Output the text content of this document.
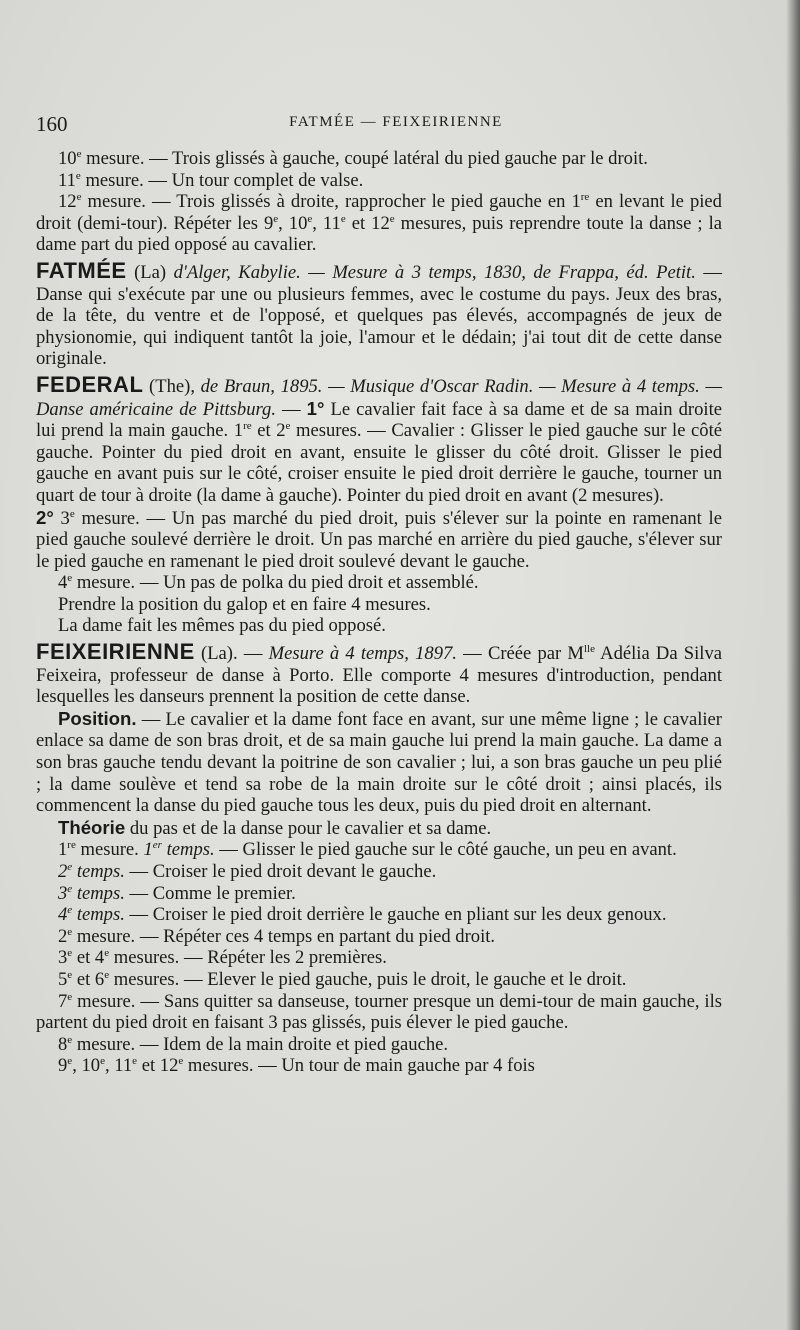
160	FATMÉE — FEIXEIRIENNE

10e mesure. — Trois glissés à gauche, coupé latéral du pied gauche par le droit.

11e mesure. — Un tour complet de valse.

12e mesure. — Trois glissés à droite, rapprocher le pied gauche en 1re en levant le pied droit (demi-tour). Répéter les 9e, 10e, 11e et 12e mesures, puis reprendre toute la danse ; la dame part du pied opposé au cavalier.

FATMÉE (La) d'Alger, Kabylie. — Mesure à 3 temps, 1830, de Frappa, éd. Petit. — Danse qui s'exécute par une ou plusieurs femmes, avec le costume du pays. Jeux des bras, de la tête, du ventre et de l'opposé, et quelques pas élevés, accompagnés de jeux de physionomie, qui indiquent tantôt la joie, l'amour et le dédain; j'ai tout dit de cette danse originale.

FEDERAL (The), de Braun, 1895. — Musique d'Oscar Radin. — Mesure à 4 temps. — Danse américaine de Pittsburg. — 1° Le cavalier fait face à sa dame et de sa main droite lui prend la main gauche. 1re et 2e mesures. — Cavalier : Glisser le pied gauche sur le côté gauche. Pointer du pied droit en avant, ensuite le glisser du côté droit. Glisser le pied gauche en avant puis sur le côté, croiser ensuite le pied droit derrière le gauche, tourner un quart de tour à droite (la dame à gauche). Pointer du pied droit en avant (2 mesures).

2° 3e mesure. — Un pas marché du pied droit, puis s'élever sur la pointe en ramenant le pied gauche soulevé derrière le droit. Un pas marché en arrière du pied gauche, s'élever sur le pied gauche en ramenant le pied droit soulevé devant le gauche.

4e mesure. — Un pas de polka du pied droit et assemblé.

Prendre la position du galop et en faire 4 mesures.

La dame fait les mêmes pas du pied opposé.

FEIXEIRIENNE (La). — Mesure à 4 temps, 1897. — Créée par $M^{lle}$ Adélia Da Silva Feixeira, professeur de danse à Porto. Elle comporte 4 mesures d'introduction, pendant lesquelles les danseurs prennent la position de cette danse.

Position. — Le cavalier et la dame font face en avant, sur une même ligne ; le cavalier enlace sa dame de son bras droit, et de sa main gauche lui prend la main gauche. La dame a son bras gauche tendu devant la poitrine de son cavalier ; lui, a son bras gauche un peu plié ; la dame soulève et tend sa robe de la main droite sur le côté droit ; ainsi placés, ils commencent la danse du pied gauche tous les deux, puis du pied droit en alternant.

Théorie du pas et de la danse pour le cavalier et sa dame.

1re mesure. 1er temps. — Glisser le pied gauche sur le côté gauche, un peu en avant.

2e temps. — Croiser le pied droit devant le gauche.

3e temps. — Comme le premier.

4e temps. — Croiser le pied droit derrière le gauche en pliant sur les deux genoux.

2e mesure. — Répéter ces 4 temps en partant du pied droit.

3e et 4e mesures. — Répéter les 2 premières.

5e et 6e mesures. — Elever le pied gauche, puis le droit, le gauche et le droit.

7e mesure. — Sans quitter sa danseuse, tourner presque un demi-tour de main gauche, ils partent du pied droit en faisant 3 pas glissés, puis élever le pied gauche.

8e mesure. — Idem de la main droite et pied gauche.

9e, 10e, 11e et 12e mesures. — Un tour de main gauche par 4 fois
